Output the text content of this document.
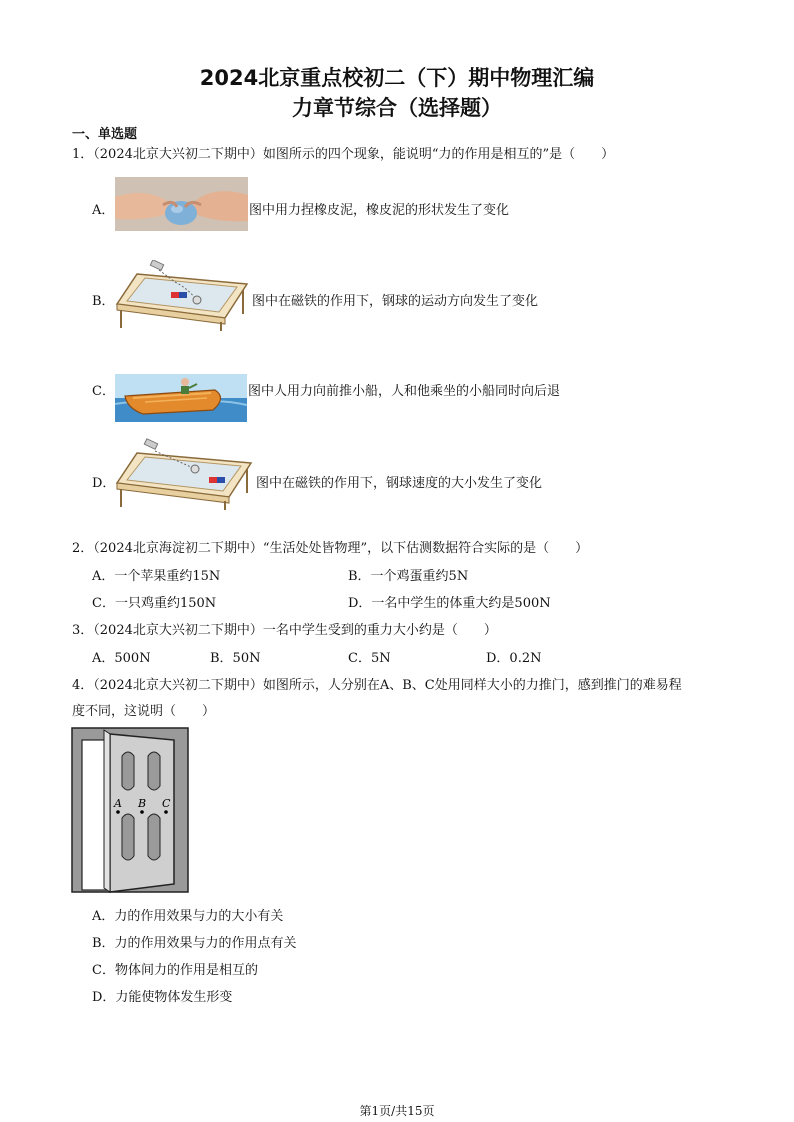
2024北京重点校初二（下）期中物理汇编
力章节综合（选择题）
一、单选题
1．（2024北京大兴初二下期中）如图所示的四个现象，能说明“力的作用是相互的”是（　　）
A．	图中用力捏橡皮泥，橡皮泥的形状发生了变化
B．	图中在磁铁的作用下，钢球的运动方向发生了变化
C．	图中人用力向前推小船，人和他乘坐的小船同时向后退
D．	图中在磁铁的作用下，钢球速度的大小发生了变化
2．（2024北京海淀初二下期中）“生活处处皆物理”，以下估测数据符合实际的是（　　）
A．一个苹果重约15N	B．一个鸡蛋重约5N
C．一只鸡重约150N	D．一名中学生的体重大约是500N
3．（2024北京大兴初二下期中）一名中学生受到的重力大小约是（　　）
A．500N	B．50N	C．5N	D．0.2N
4．（2024北京大兴初二下期中）如图所示，人分别在A、B、C处用同样大小的力推门，感到推门的难易程
度不同，这说明（　　）
A B C
A．力的作用效果与力的大小有关
B．力的作用效果与力的作用点有关
C．物体间力的作用是相互的
D．力能使物体发生形变
第1页/共15页
